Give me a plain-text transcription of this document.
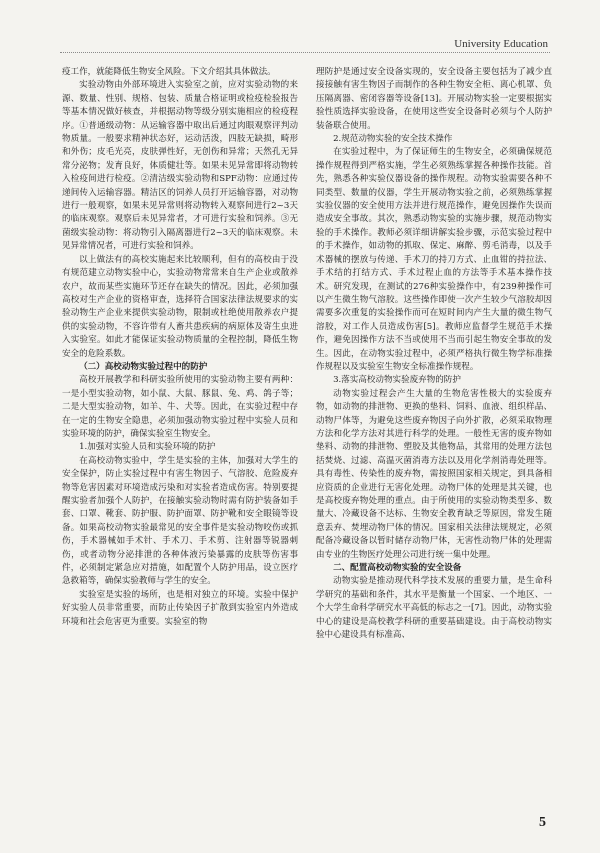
University Education

疫工作，就能降低生物安全风险。下文介绍其具体做法。

实验动物由外部环境进入实验室之前，应对实验动物的来源、数量、性别、规格、包装、质量合格证明或检疫检验报告等基本情况做好核查，并根据动物等级分别实施相应的检疫程序。①普通级动物：从运输容器中取出后通过肉眼观察评判动物质量。一般要求精神状态好，运动活泼，四肢无缺损，畸形和外伤；皮毛光亮，皮肤弹性好，无创伤和异常；天然孔无异常分泌物；发育良好，体质健壮等。如果未见异常即将动物转入检疫间进行检疫。②清洁级实验动物和SPF动物：应通过传递间传入运输容器。精洁区的饲养人员打开运输容器，对动物进行一般观察，如果未见异常则将动物转入观察间进行2~3天的临床观察。观察后未见异常者，才可进行实验和饲养。③无菌级实验动物：将动物引入隔离器进行2~3天的临床观察。未见异常情况者，可进行实验和饲养。

以上做法有的高校实施起来比较顺利，但有的高校由于没有规范建立动物实验中心，实验动物常常来自生产企业或散养农户，故而某些实施环节还存在缺失的情况。因此，必须加强高校对生产企业的资格审查，选择符合国家法律法规要求的实验动物生产企业来提供实验动物，限制或杜绝使用散养农户提供的实验动物，不容许带有人畜共患疾病的病原体及寄生虫进入实验室。如此才能保证实验动物质量的全程控制，降低生物安全的危险系数。

（二）高校动物实验过程中的防护

高校开展教学和科研实验所使用的实验动物主要有两种：一是小型实验动物，如小鼠、大鼠、豚鼠、兔、鸡、鸽子等；二是大型实验动物，如羊、牛、犬等。因此，在实验过程中存在一定的生物安全隐患，必须加强动物实验过程中实验人员和实验环境的防护，确保实验室生物安全。

1.加强对实验人员和实验环境的防护

在高校动物实验中，学生是实验的主体，加强对大学生的安全保护，防止实验过程中有害生物因子、气溶胶、危险废弃物等危害因素对环境造成污染和对实验者造成伤害。特别要提醒实验者加强个人防护，在接触实验动物时需有防护装备如手套、口罩、靴套、防护服、防护面罩、防护靴和安全眼镜等设备。如果高校动物实验最常见的安全事件是实验动物咬伤或抓伤，手术器械如手术针、手术刀、手术剪、注射器等锐器刺伤，或者动物分泌排泄的各种体液污染暴露的皮肤等伤害事件，必须制定紧急应对措施，如配置个人防护用品，设立医疗急救箱等，确保实验教师与学生的安全。

实验室是实验的场所，也是相对独立的环境。实验中保护好实验人员非常重要，而防止传染因子扩散到实验室内外造成环境和社会危害更为重要。实验室的物

理防护是通过安全设备实现的，安全设备主要包括为了减少直接接触有害生物因子而制作的各种生物安全柜、离心机罩、负压隔离器、密闭容器等设备[13]。开展动物实验一定要根据实验性质选择实验设备，在使用这些安全设备时必须与个人防护装备联合使用。

2.规范动物实验的安全技术操作

在实验过程中，为了保证师生的生物安全，必须确保规范操作规程得到严格实施，学生必须熟练掌握各种操作技能。首先，熟悉各种实验仪器设备的操作规程。动物实验需要各种不同类型、数量的仪器，学生开展动物实验之前，必须熟练掌握实验仪器的安全使用方法并进行规范操作，避免因操作失误而造成安全事故。其次，熟悉动物实验的实施步骤，规范动物实验的手术操作。教师必须详细讲解实验步骤，示范实验过程中的手术操作，如动物的抓取、保定、麻醉、剪毛消毒，以及手术器械的摆放与传递、手术刀的持刀方式、止血钳的持拉法、手术结的打结方式、手术过程止血的方法等手术基本操作技术。研究发现，在测试的276种实验操作中，有239种操作可以产生微生物气溶胶。这些操作即使一次产生较少气溶胶却因需要多次重复的实验操作而可在短时间内产生大量的微生物气溶胶，对工作人员造成伤害[5]。教师应监督学生规范手术操作，避免因操作方法不当或使用不当而引起生物安全事故的发生。因此，在动物实验过程中，必须严格执行微生物学标准操作规程以及实验室生物安全标准操作规程。

3.落实高校动物实验废弃物的防护

动物实验过程会产生大量的生物危害性极大的实验废弃物，如动物的排泄物、更换的垫料、饲料、血液、组织样品、动物尸体等，为避免这些废弃物因子向外扩散，必须采取物理方法和化学方法对其进行科学的处理。一般性无害的废弃物如垫料、动物的排泄物、塑胶及其他物品，其常用的处理方法包括焚烧、过滤、高温灭菌消毒方法以及用化学剂消毒处理等。具有毒性、传染性的废弃物，需按照国家相关规定，到具备相应资质的企业进行无害化处理。动物尸体的处理是其关键，也是高校废弃物处理的重点。由于所使用的实验动物类型多、数量大、冷藏设备不达标、生物安全教育缺乏等原因，常发生随意丢弃、焚埋动物尸体的情况。国家相关法律法规规定，必须配备冷藏设备以暂时储存动物尸体，无害性动物尸体的处理需由专业的生物医疗处理公司进行统一集中处理。

二、配置高校动物实验的安全设备

动物实验是推动现代科学技术发展的重要力量，是生命科学研究的基础和条件，其水平是衡量一个国家、一个地区、一个大学生命科学研究水平高低的标志之一[7]。因此，动物实验中心的建设是高校教学科研的重要基础建设。由于高校动物实验中心建设具有标准高、

5
